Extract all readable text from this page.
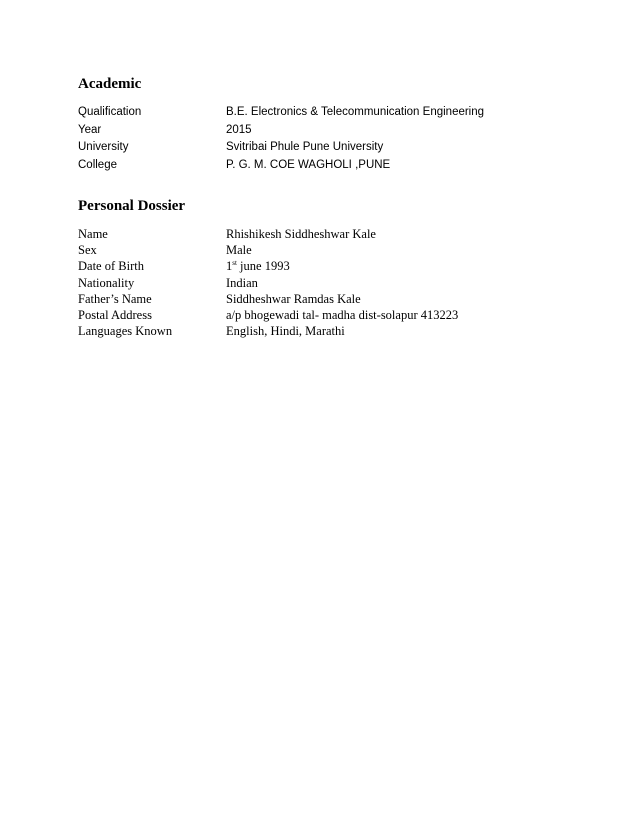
Academic
Qualification	B.E. Electronics & Telecommunication Engineering
Year	2015
University	Svitribai Phule Pune University
College	P. G. M. COE WAGHOLI ,PUNE
Personal Dossier
Name	Rhishikesh Siddheshwar Kale
Sex	Male
Date of Birth	1st june 1993
Nationality	Indian
Father’s Name	Siddheshwar Ramdas Kale
Postal Address	a/p bhogewadi tal- madha dist-solapur 413223
Languages Known	English, Hindi, Marathi
